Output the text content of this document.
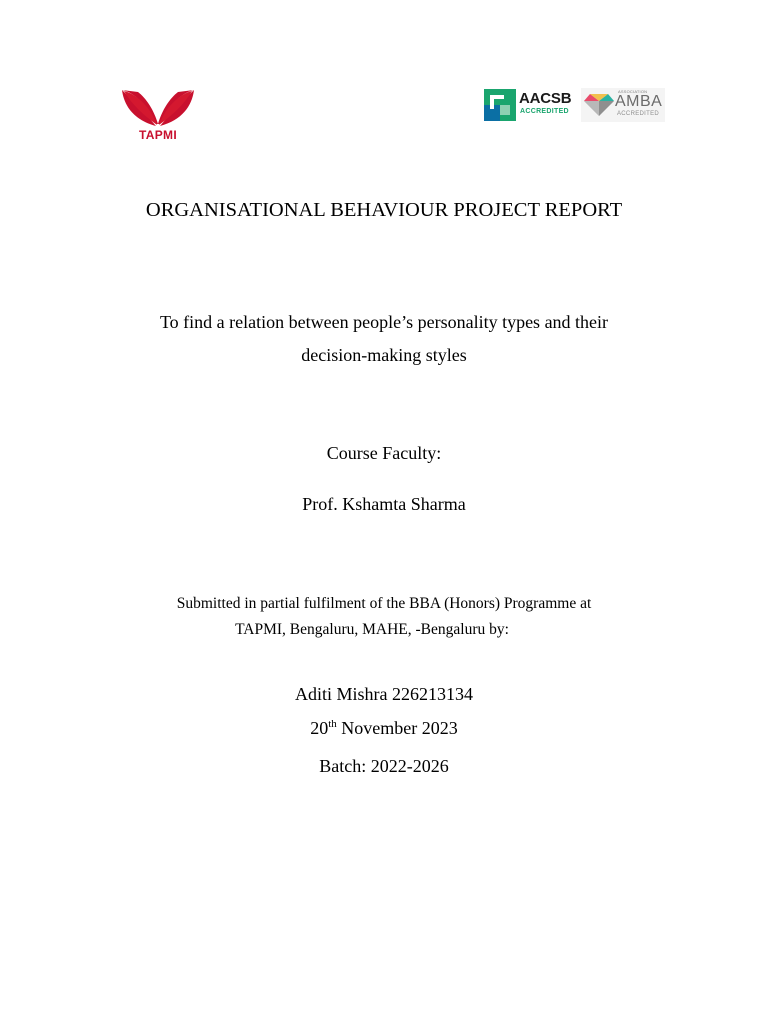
TAPMI
AACSB
ACCREDITED
ASSOCIATION
AMBA
ACCREDITED
ORGANISATIONAL BEHAVIOUR PROJECT REPORT
To find a relation between people’s personality types and their
decision-making styles
Course Faculty:
Prof. Kshamta Sharma
Submitted in partial fulfilment of the BBA (Honors) Programme at
TAPMI, Bengaluru, MAHE, -Bengaluru by:
Aditi Mishra 226213134
20th November 2023
Batch: 2022-2026
